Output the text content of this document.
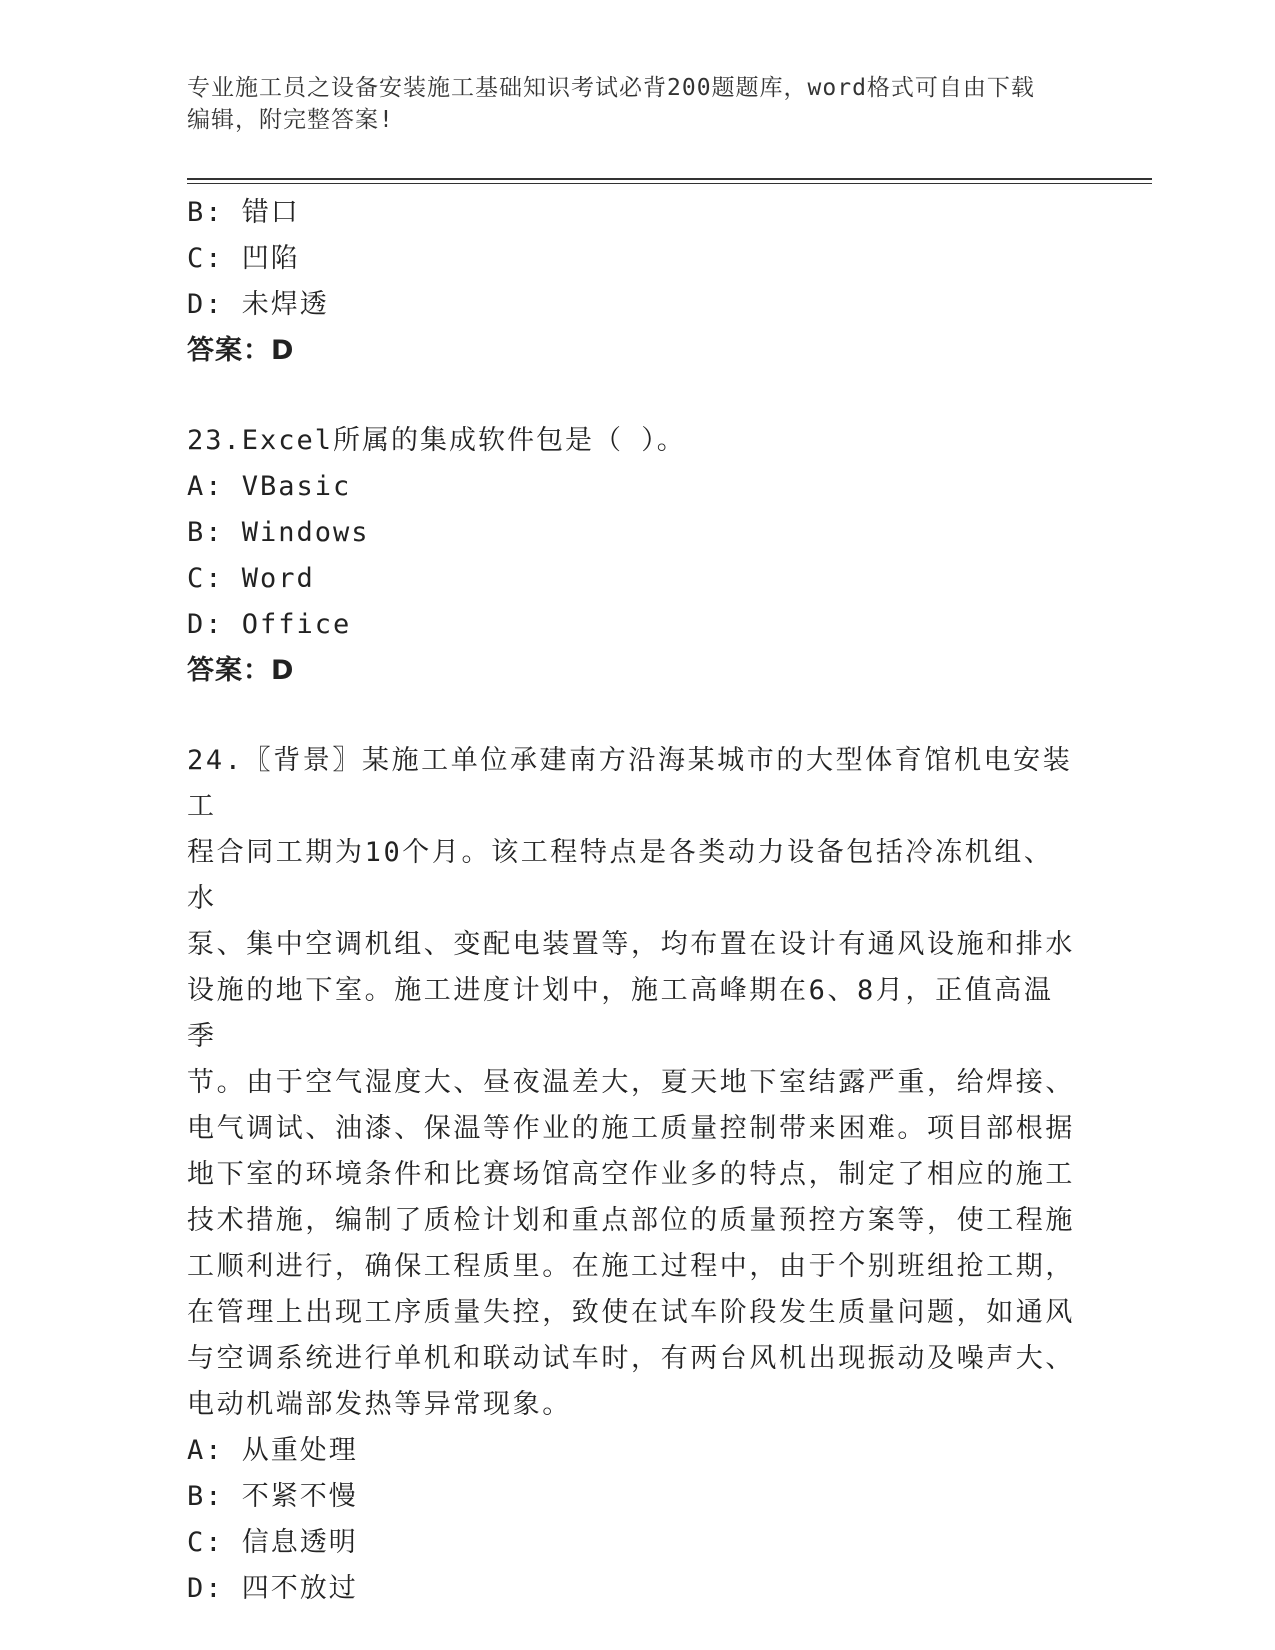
专业施工员之设备安装施工基础知识考试必背200题题库，word格式可自由下载
编辑，附完整答案!
B: 错口
C: 凹陷
D: 未焊透
答案：D
23.Excel所属的集成软件包是（ ）。
A: VBasic
B: Windows
C: Word
D: Office
答案：D
24.〖背景〗某施工单位承建南方沿海某城市的大型体育馆机电安装工
程合同工期为10个月。该工程特点是各类动力设备包括冷冻机组、水
泵、集中空调机组、变配电装置等，均布置在设计有通风设施和排水
设施的地下室。施工进度计划中，施工高峰期在6、8月，正值高温季
节。由于空气湿度大、昼夜温差大，夏天地下室结露严重，给焊接、
电气调试、油漆、保温等作业的施工质量控制带来困难。项目部根据
地下室的环境条件和比赛场馆高空作业多的特点，制定了相应的施工
技术措施，编制了质检计划和重点部位的质量预控方案等，使工程施
工顺利进行，确保工程质里。在施工过程中，由于个别班组抢工期，
在管理上出现工序质量失控，致使在试车阶段发生质量问题，如通风
与空调系统进行单机和联动试车时，有两台风机出现振动及噪声大、
电动机端部发热等异常现象。
A: 从重处理
B: 不紧不慢
C: 信息透明
D: 四不放过
